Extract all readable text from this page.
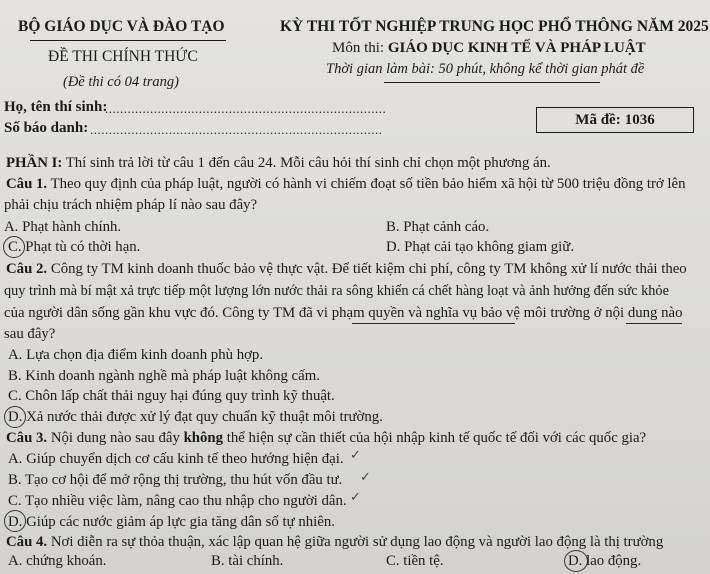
BỘ GIÁO DỤC VÀ ĐÀO TẠO
ĐỀ THI CHÍNH THỨC
(Đề thi có 04 trang)
KỲ THI TỐT NGHIỆP TRUNG HỌC PHỔ THÔNG NĂM 2025
Môn thi: GIÁO DỤC KINH TẾ VÀ PHÁP LUẬT
Thời gian làm bài: 50 phút, không kể thời gian phát đề
Họ, tên thí sinh:
...........................................................................
Số báo danh: ..............................................................................
Mã đề: 1036
PHẦN I: Thí sinh trả lời từ câu 1 đến câu 24. Mỗi câu hỏi thí sinh chỉ chọn một phương án.
Câu 1. Theo quy định của pháp luật, người có hành vi chiếm đoạt số tiền bảo hiểm xã hội từ 500 triệu đồng trở lên
phải chịu trách nhiệm pháp lí nào sau đây?
A. Phạt hành chính.	B. Phạt cảnh cáo.
C. Phạt tù có thời hạn.	D. Phạt cải tạo không giam giữ.
Câu 2. Công ty TM kinh doanh thuốc bảo vệ thực vật. Để tiết kiệm chi phí, công ty TM không xử lí nước thải theo
quy trình mà bí mật xả trực tiếp một lượng lớn nước thải ra sông khiến cá chết hàng loạt và ảnh hưởng đến sức khỏe
của người dân sống gần khu vực đó. Công ty TM đã vi phạm quyền và nghĩa vụ bảo vệ môi trường ở nội dung nào
sau đây?
A. Lựa chọn địa điểm kinh doanh phù hợp.
B. Kinh doanh ngành nghề mà pháp luật không cấm.
C. Chôn lấp chất thải nguy hại đúng quy trình kỹ thuật.
D. Xả nước thải được xử lý đạt quy chuẩn kỹ thuật môi trường.
Câu 3. Nội dung nào sau đây không thể hiện sự cần thiết của hội nhập kinh tế quốc tế đối với các quốc gia?
A. Giúp chuyển dịch cơ cấu kinh tế theo hướng hiện đại. ✓
B. Tạo cơ hội để mở rộng thị trường, thu hút vốn đầu tư. ✓
C. Tạo nhiều việc làm, nâng cao thu nhập cho người dân. ✓
D. Giúp các nước giảm áp lực gia tăng dân số tự nhiên.
Câu 4. Nơi diễn ra sự thỏa thuận, xác lập quan hệ giữa người sử dụng lao động và người lao động là thị trường
A. chứng khoán.	B. tài chính.	C. tiền tệ.	D. lao động.
